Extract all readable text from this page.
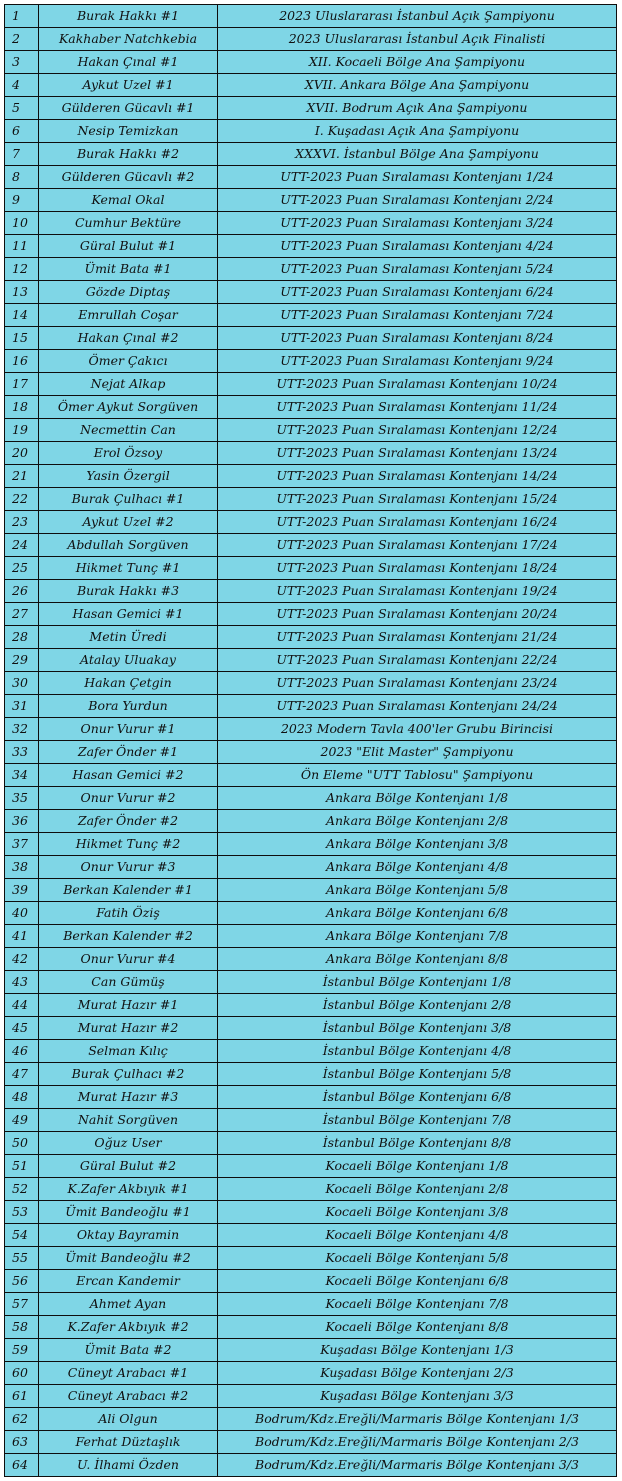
1	Burak Hakkı #1	2023 Uluslararası İstanbul Açık Şampiyonu
2	Kakhaber Natchkebia	2023 Uluslararası İstanbul Açık Finalisti
3	Hakan Çınal #1	XII. Kocaeli Bölge Ana Şampiyonu
4	Aykut Uzel #1	XVII. Ankara Bölge Ana Şampiyonu
5	Gülderen Gücavlı #1	XVII. Bodrum Açık Ana Şampiyonu
6	Nesip Temizkan	I. Kuşadası Açık Ana Şampiyonu
7	Burak Hakkı #2	XXXVI. İstanbul Bölge Ana Şampiyonu
8	Gülderen Gücavlı #2	UTT-2023 Puan Sıralaması Kontenjanı 1/24
9	Kemal Okal	UTT-2023 Puan Sıralaması Kontenjanı 2/24
10	Cumhur Bektüre	UTT-2023 Puan Sıralaması Kontenjanı 3/24
11	Güral Bulut #1	UTT-2023 Puan Sıralaması Kontenjanı 4/24
12	Ümit Bata #1	UTT-2023 Puan Sıralaması Kontenjanı 5/24
13	Gözde Diptaş	UTT-2023 Puan Sıralaması Kontenjanı 6/24
14	Emrullah Coşar	UTT-2023 Puan Sıralaması Kontenjanı 7/24
15	Hakan Çınal #2	UTT-2023 Puan Sıralaması Kontenjanı 8/24
16	Ömer Çakıcı	UTT-2023 Puan Sıralaması Kontenjanı 9/24
17	Nejat Alkap	UTT-2023 Puan Sıralaması Kontenjanı 10/24
18	Ömer Aykut Sorgüven	UTT-2023 Puan Sıralaması Kontenjanı 11/24
19	Necmettin Can	UTT-2023 Puan Sıralaması Kontenjanı 12/24
20	Erol Özsoy	UTT-2023 Puan Sıralaması Kontenjanı 13/24
21	Yasin Özergil	UTT-2023 Puan Sıralaması Kontenjanı 14/24
22	Burak Çulhacı #1	UTT-2023 Puan Sıralaması Kontenjanı 15/24
23	Aykut Uzel #2	UTT-2023 Puan Sıralaması Kontenjanı 16/24
24	Abdullah Sorgüven	UTT-2023 Puan Sıralaması Kontenjanı 17/24
25	Hikmet Tunç #1	UTT-2023 Puan Sıralaması Kontenjanı 18/24
26	Burak Hakkı #3	UTT-2023 Puan Sıralaması Kontenjanı 19/24
27	Hasan Gemici #1	UTT-2023 Puan Sıralaması Kontenjanı 20/24
28	Metin Üredi	UTT-2023 Puan Sıralaması Kontenjanı 21/24
29	Atalay Uluakay	UTT-2023 Puan Sıralaması Kontenjanı 22/24
30	Hakan Çetgin	UTT-2023 Puan Sıralaması Kontenjanı 23/24
31	Bora Yurdun	UTT-2023 Puan Sıralaması Kontenjanı 24/24
32	Onur Vurur #1	2023 Modern Tavla 400'ler Grubu Birincisi
33	Zafer Önder #1	2023 "Elit Master" Şampiyonu
34	Hasan Gemici #2	Ön Eleme "UTT Tablosu" Şampiyonu
35	Onur Vurur #2	Ankara Bölge Kontenjanı 1/8
36	Zafer Önder #2	Ankara Bölge Kontenjanı 2/8
37	Hikmet Tunç #2	Ankara Bölge Kontenjanı 3/8
38	Onur Vurur #3	Ankara Bölge Kontenjanı 4/8
39	Berkan Kalender #1	Ankara Bölge Kontenjanı 5/8
40	Fatih Öziş	Ankara Bölge Kontenjanı 6/8
41	Berkan Kalender #2	Ankara Bölge Kontenjanı 7/8
42	Onur Vurur #4	Ankara Bölge Kontenjanı 8/8
43	Can Gümüş	İstanbul Bölge Kontenjanı 1/8
44	Murat Hazır #1	İstanbul Bölge Kontenjanı 2/8
45	Murat Hazır #2	İstanbul Bölge Kontenjanı 3/8
46	Selman Kılıç	İstanbul Bölge Kontenjanı 4/8
47	Burak Çulhacı #2	İstanbul Bölge Kontenjanı 5/8
48	Murat Hazır #3	İstanbul Bölge Kontenjanı 6/8
49	Nahit Sorgüven	İstanbul Bölge Kontenjanı 7/8
50	Oğuz User	İstanbul Bölge Kontenjanı 8/8
51	Güral Bulut #2	Kocaeli Bölge Kontenjanı 1/8
52	K.Zafer Akbıyık #1	Kocaeli Bölge Kontenjanı 2/8
53	Ümit Bandeoğlu #1	Kocaeli Bölge Kontenjanı 3/8
54	Oktay Bayramin	Kocaeli Bölge Kontenjanı 4/8
55	Ümit Bandeoğlu #2	Kocaeli Bölge Kontenjanı 5/8
56	Ercan Kandemir	Kocaeli Bölge Kontenjanı 6/8
57	Ahmet Ayan	Kocaeli Bölge Kontenjanı 7/8
58	K.Zafer Akbıyık #2	Kocaeli Bölge Kontenjanı 8/8
59	Ümit Bata #2	Kuşadası Bölge Kontenjanı 1/3
60	Cüneyt Arabacı #1	Kuşadası Bölge Kontenjanı 2/3
61	Cüneyt Arabacı #2	Kuşadası Bölge Kontenjanı 3/3
62	Ali Olgun	Bodrum/Kdz.Ereğli/Marmaris Bölge Kontenjanı 1/3
63	Ferhat Düztaşlık	Bodrum/Kdz.Ereğli/Marmaris Bölge Kontenjanı 2/3
64	U. İlhami Özden	Bodrum/Kdz.Ereğli/Marmaris Bölge Kontenjanı 3/3
